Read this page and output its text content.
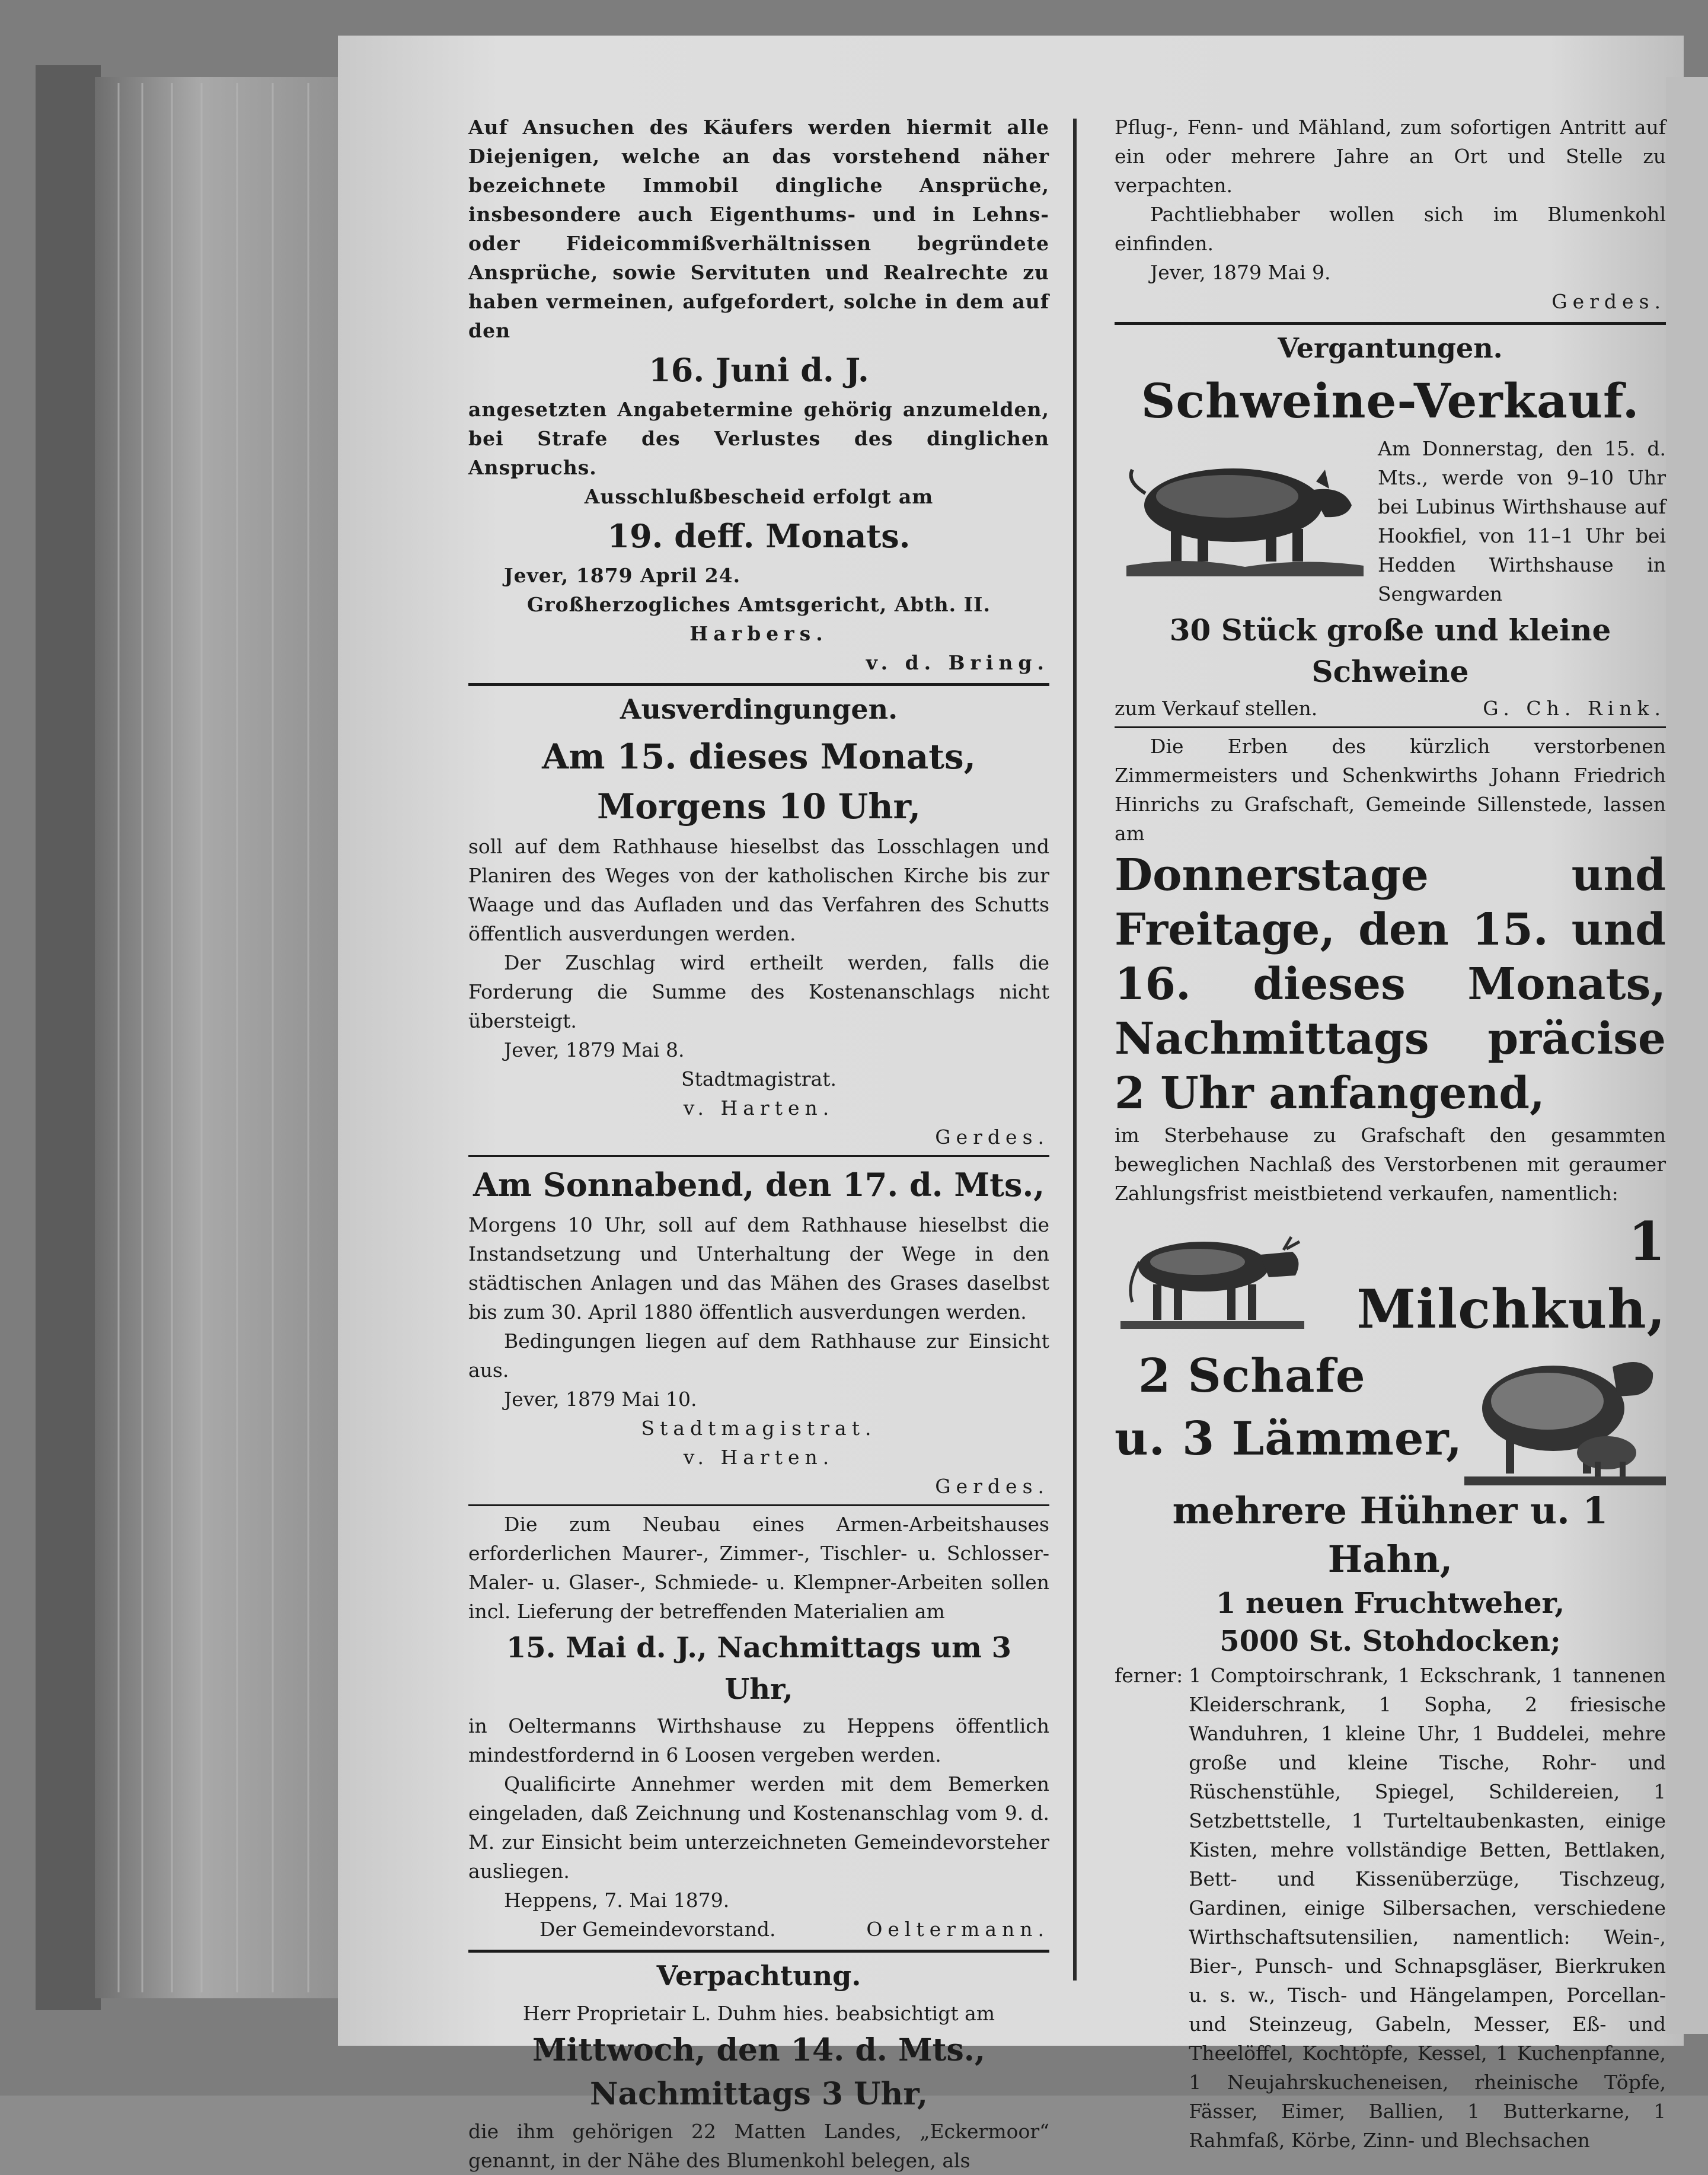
Auf Ansuchen des Käufers werden hiermit alle Diejenigen, welche an das vorstehend näher bezeichnete Immobil dingliche Ansprüche, insbesondere auch Eigenthums- und in Lehns- oder Fideicommißverhältnissen begründete Ansprüche, sowie Servituten und Realrechte zu haben vermeinen, aufgefordert, solche in dem auf den

16. Juni d. J.

angesetzten Angabetermine gehörig anzumelden, bei Strafe des Verlustes des dinglichen Anspruchs.

Ausschlußbescheid erfolgt am

19. deff. Monats.

Jever, 1879 April 24.

Großherzogliches Amtsgericht, Abth. II.

Harbers.

v. d. Bring.

Ausverdingungen.

Am 15. dieses Monats,

Morgens 10 Uhr,

soll auf dem Rathhause hieselbst das Losschlagen und Planiren des Weges von der katholischen Kirche bis zur Waage und das Aufladen und das Verfahren des Schutts öffentlich ausverdungen werden.

Der Zuschlag wird ertheilt werden, falls die Forderung die Summe des Kostenanschlags nicht übersteigt.

Jever, 1879 Mai 8.

Stadtmagistrat.

v. Harten.

Gerdes.

Am Sonnabend, den 17. d. Mts.,

Morgens 10 Uhr, soll auf dem Rathhause hieselbst die Instandsetzung und Unterhaltung der Wege in den städtischen Anlagen und das Mähen des Grases daselbst bis zum 30. April 1880 öffentlich ausverdungen werden.

Bedingungen liegen auf dem Rathhause zur Einsicht aus.

Jever, 1879 Mai 10.

Stadtmagistrat.

v. Harten.

Gerdes.

Die zum Neubau eines Armen-Arbeitshauses erforderlichen Maurer-, Zimmer-, Tischler- u. Schlosser- Maler- u. Glaser-, Schmiede- u. Klempner-Arbeiten sollen incl. Lieferung der betreffenden Materialien am

15. Mai d. J., Nachmittags um 3 Uhr,

in Oeltermanns Wirthshause zu Heppens öffentlich mindestfordernd in 6 Loosen vergeben werden.

Qualificirte Annehmer werden mit dem Bemerken eingeladen, daß Zeichnung und Kostenanschlag vom 9. d. M. zur Einsicht beim unterzeichneten Gemeindevorsteher ausliegen.

Heppens, 7. Mai 1879.

Der Gemeindevorstand.	Oeltermann.

Verpachtung.

Herr Proprietair L. Duhm hies. beabsichtigt am

Mittwoch, den 14. d. Mts.,

Nachmittags 3 Uhr,

die ihm gehörigen 22 Matten Landes, „Eckermoor“ genannt, in der Nähe des Blumenkohl belegen, als

Pflug-, Fenn- und Mähland, zum sofortigen Antritt auf ein oder mehrere Jahre an Ort und Stelle zu verpachten.

Pachtliebhaber wollen sich im Blumenkohl einfinden.

Jever, 1879 Mai 9.

Gerdes.

Vergantungen.

Schweine-Verkauf.

Am Donnerstag, den 15. d. Mts., werde von 9–10 Uhr bei Lubinus Wirthshause auf Hookfiel, von 11–1 Uhr bei Hedden Wirthshause in Sengwarden

30 Stück große und kleine Schweine

zum Verkauf stellen.	G. Ch. Rink.

Die Erben des kürzlich verstorbenen Zimmermeisters und Schenkwirths Johann Friedrich Hinrichs zu Grafschaft, Gemeinde Sillenstede, lassen am

Donnerstage und Freitage, den 15. und 16. dieses Monats, Nachmittags präcise 2 Uhr anfangend,

im Sterbehause zu Grafschaft den gesammten beweglichen Nachlaß des Verstorbenen mit geraumer Zahlungsfrist meistbietend verkaufen, namentlich:

1 Milchkuh,

2 Schafe

u. 3 Lämmer,

mehrere Hühner u. 1 Hahn,

1 neuen Fruchtweher,

5000 St. Stohdocken;

ferner: 1 Comptoirschrank, 1 Eckschrank, 1 tannenen Kleiderschrank, 1 Sopha, 2 friesische Wanduhren, 1 kleine Uhr, 1 Buddelei, mehre große und kleine Tische, Rohr- und Rüschenstühle, Spiegel, Schildereien, 1 Setzbettstelle, 1 Turteltaubenkasten, einige Kisten, mehre vollständige Betten, Bettlaken, Bett- und Kissenüberzüge, Tischzeug, Gardinen, einige Silbersachen, verschiedene Wirthschaftsutensilien, namentlich: Wein-, Bier-, Punsch- und Schnapsgläser, Bierkruken u. s. w., Tisch- und Hängelampen, Porcellan- und Steinzeug, Gabeln, Messer, Eß- und Theelöffel, Kochtöpfe, Kessel, 1 Kuchenpfanne, 1 Neujahrskucheneisen, rheinische Töpfe, Fässer, Eimer, Ballien, 1 Butterkarne, 1 Rahmfaß, Körbe, Zinn- und Blechsachen
